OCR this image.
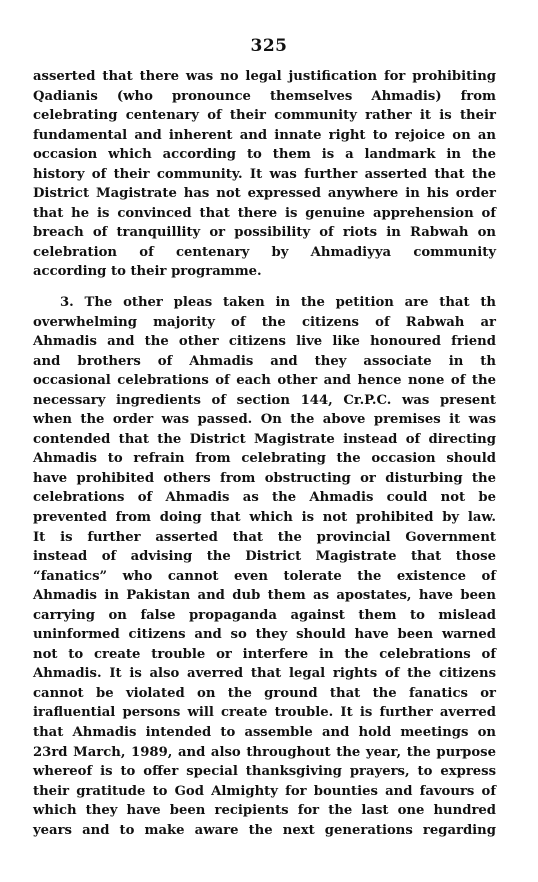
325
asserted that there was no legal justification for prohibiting
Qadianis (who pronounce themselves Ahmadis) from
celebrating centenary of their community rather it is their
fundamental and inherent and innate right to rejoice on an
occasion which according to them is a landmark in the
history of their community. It was further asserted that the
District Magistrate has not expressed anywhere in his order
that he is convinced that there is genuine apprehension of
breach of tranquillity or possibility of riots in Rabwah on
celebration of centenary by Ahmadiyya community
according to their programme.
3. The other pleas taken in the petition are that th
overwhelming majority of the citizens of Rabwah ar
Ahmadis and the other citizens live like honoured friend
and brothers of Ahmadis and they associate in th
occasional celebrations of each other and hence none of the
necessary ingredients of section 144, Cr.P.C. was present
when the order was passed. On the above premises it was
contended that the District Magistrate instead of directing
Ahmadis to refrain from celebrating the occasion should
have prohibited others from obstructing or disturbing the
celebrations of Ahmadis as the Ahmadis could not be
prevented from doing that which is not prohibited by law.
It is further asserted that the provincial Government
instead of advising the District Magistrate that those
“fanatics” who cannot even tolerate the existence of
Ahmadis in Pakistan and dub them as apostates, have been
carrying on false propaganda against them to mislead
uninformed citizens and so they should have been warned
not to create trouble or interfere in the celebrations of
Ahmadis. It is also averred that legal rights of the citizens
cannot be violated on the ground that the fanatics or
irafluential persons will create trouble. It is further averred
that Ahmadis intended to assemble and hold meetings on
23rd March, 1989, and also throughout the year, the purpose
whereof is to offer special thanksgiving prayers, to express
their gratitude to God Almighty for bounties and favours of
which they have been recipients for the last one hundred
years and to make aware the next generations regarding
